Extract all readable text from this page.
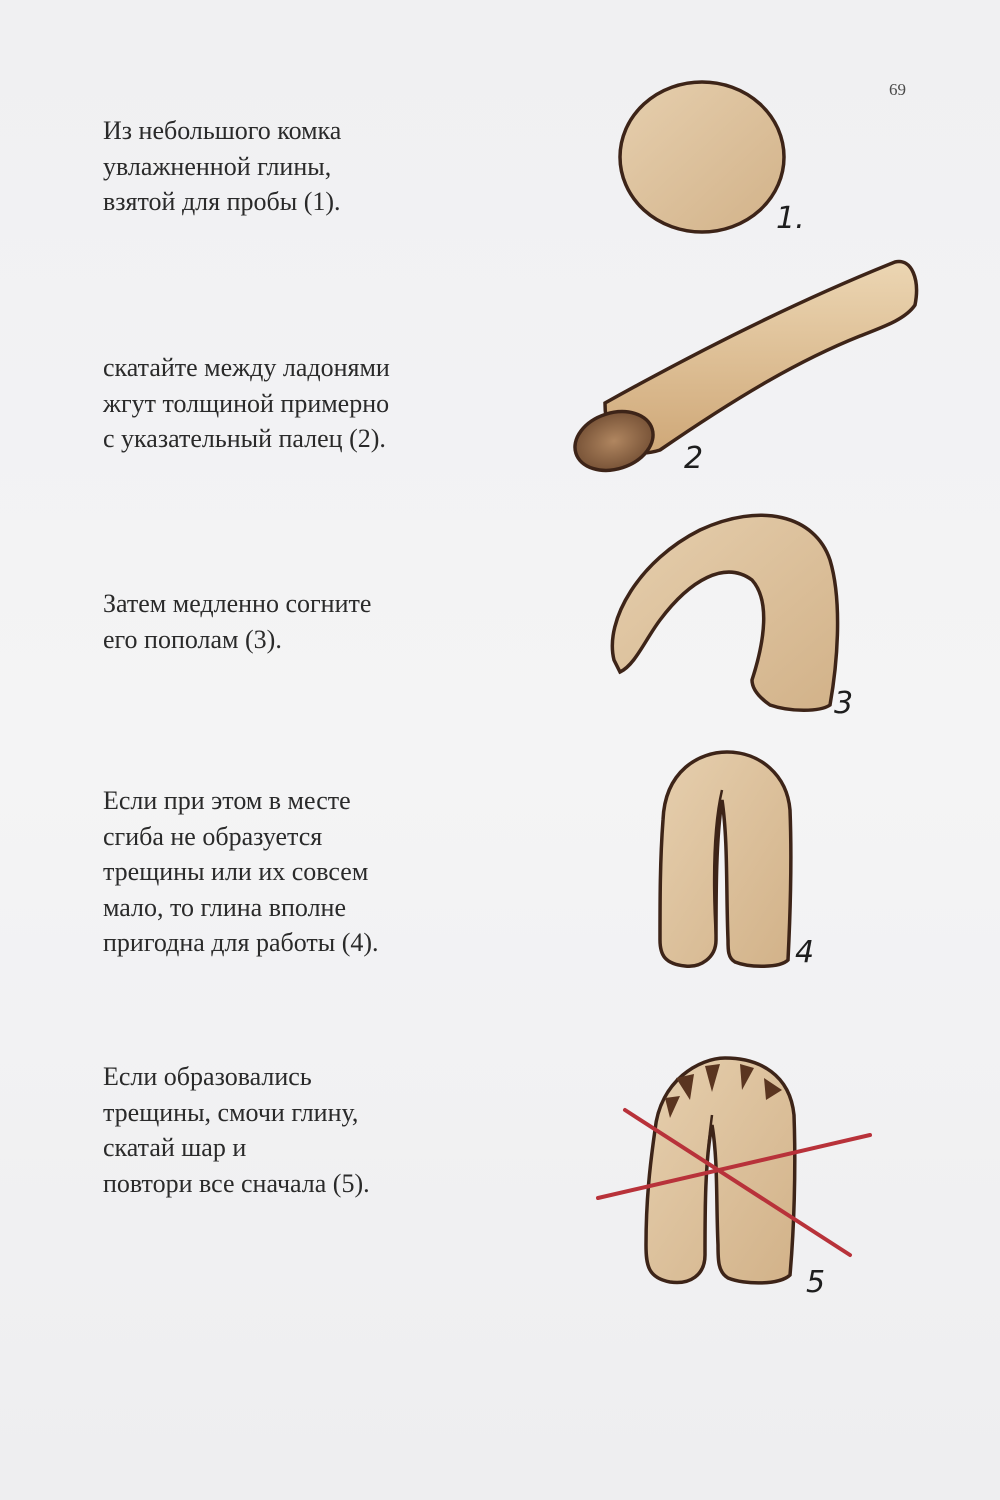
69
Из небольшого комка
увлажненной глины,
взятой для пробы (1).
скатайте между ладонями
жгут толщиной примерно
с указательный палец (2).
Затем медленно согните
его пополам (3).
Если при этом в месте
сгиба не образуется
трещины или их совсем
мало, то глина вполне
пригодна для работы (4).
Если образовались
трещины, смочи глину,
скатай шар и
повтори все сначала (5).
1.
2
3
4
5
